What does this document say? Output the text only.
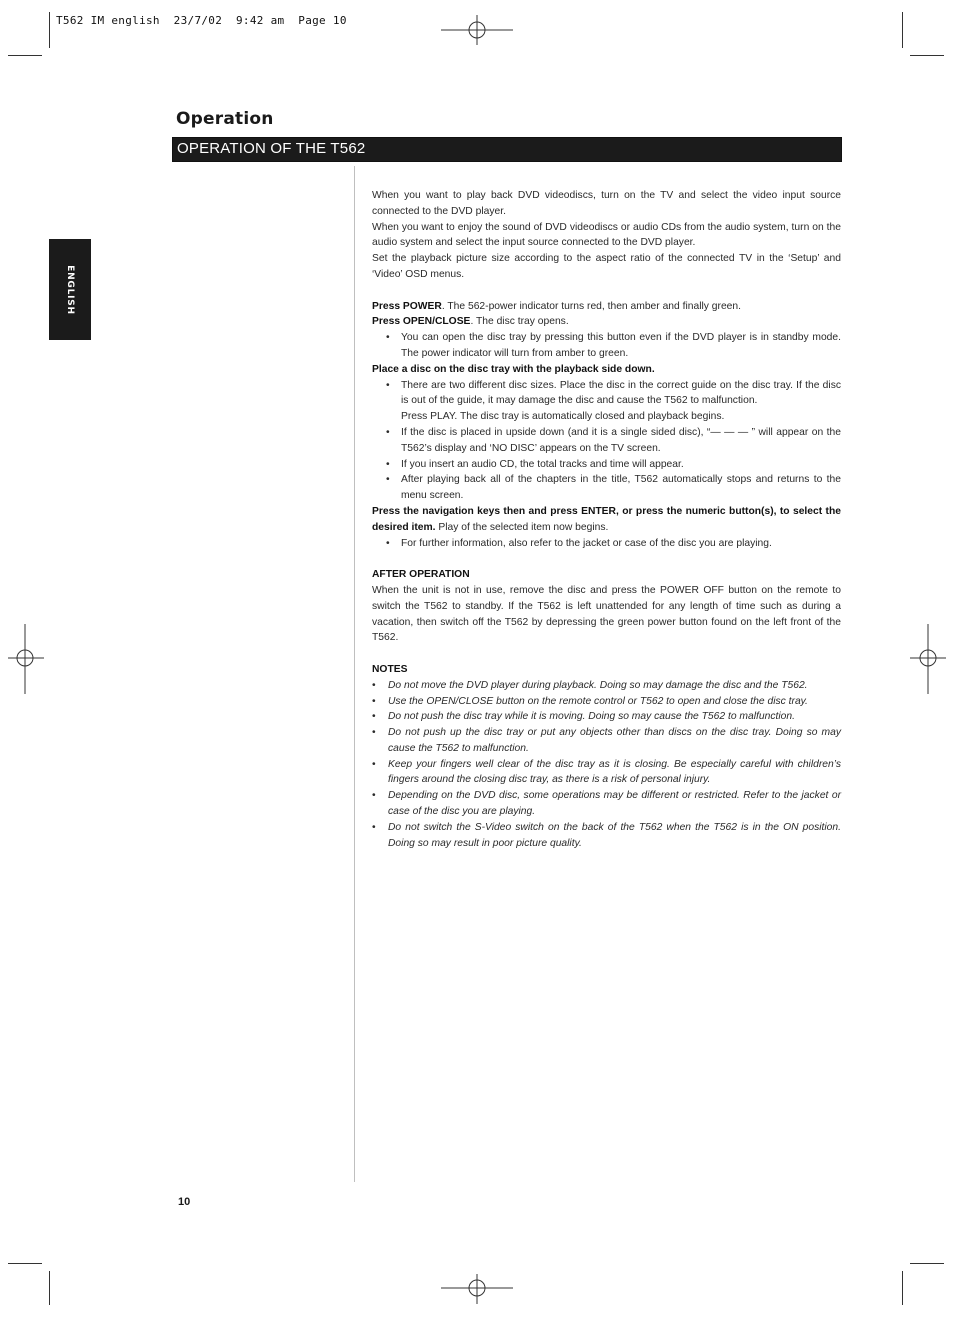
T562 IM english  23/7/02  9:42 am  Page 10
Operation
OPERATION OF THE T562
ENGLISH

When you want to play back DVD videodiscs, turn on the TV and select the video input source connected to the DVD player.

When you want to enjoy the sound of DVD videodiscs or audio CDs from the audio system, turn on the audio system and select the input source connected to the DVD player.

Set the playback picture size according to the aspect ratio of the connected TV in the ‘Setup’ and ‘Video’ OSD menus.

Press POWER. The 562-power indicator turns red, then amber and finally green.

Press OPEN/CLOSE. The disc tray opens.

• You can open the disc tray by pressing this button even if the DVD player is in standby mode. The power indicator will turn from amber to green.

Place a disc on the disc tray with the playback side down.

• There are two different disc sizes. Place the disc in the correct guide on the disc tray. If the disc is out of the guide, it may damage the disc and cause the T562 to malfunction.

Press PLAY. The disc tray is automatically closed and playback begins.

• If the disc is placed in upside down (and it is a single sided disc), “— — — ” will appear on the T562’s display and ‘NO DISC’ appears on the TV screen.

• If you insert an audio CD, the total tracks and time will appear.

• After playing back all of the chapters in the title, T562 automatically stops and returns to the menu screen.

Press the navigation keys then and press ENTER, or press the numeric button(s), to select the desired item. Play of the selected item now begins.

• For further information, also refer to the jacket or case of the disc you are playing.

AFTER OPERATION

When the unit is not in use, remove the disc and press the POWER OFF button on the remote to switch the T562 to standby. If the T562 is left unattended for any length of time such as during a vacation, then switch off the T562 by depressing the green power button found on the left front of the T562.

NOTES

• Do not move the DVD player during playback. Doing so may damage the disc and the T562.

• Use the OPEN/CLOSE button on the remote control or T562 to open and close the disc tray.

• Do not push the disc tray while it is moving. Doing so may cause the T562 to malfunction.

• Do not push up the disc tray or put any objects other than discs on the disc tray. Doing so may cause the T562 to malfunction.

• Keep your fingers well clear of the disc tray as it is closing. Be especially careful with children’s fingers around the closing disc tray, as there is a risk of personal injury.

• Depending on the DVD disc, some operations may be different or restricted. Refer to the jacket or case of the disc you are playing.

• Do not switch the S-Video switch on the back of the T562 when the T562 is in the ON position. Doing so may result in poor picture quality.

10
